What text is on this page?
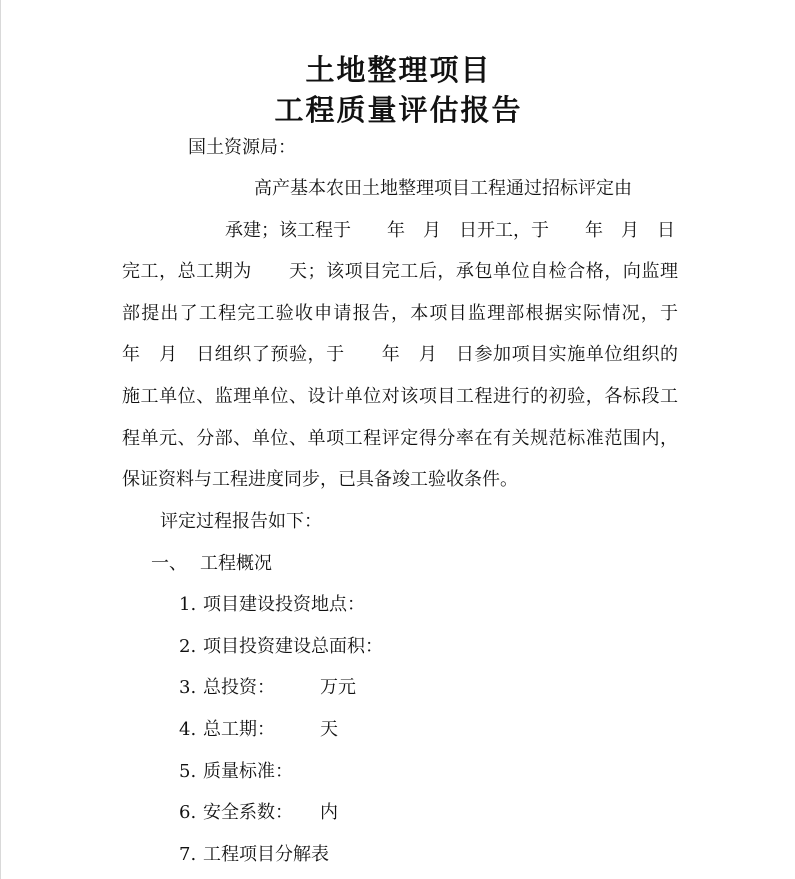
土地整理项目
工程质量评估报告
国土资源局：
高产基本农田土地整理项目工程通过招标评定由
承建；该工程于　　年　月　日开工，于　　年　月　日
完工，总工期为　　天；该项目完工后，承包单位自检合格，向监理
部提出了工程完工验收申请报告，本项目监理部根据实际情况，于
年　月　日组织了预验，于　　年　月　日参加项目实施单位组织的
施工单位、监理单位、设计单位对该项目工程进行的初验，各标段工
程单元、分部、单位、单项工程评定得分率在有关规范标准范围内，
保证资料与工程进度同步，已具备竣工验收条件。
评定过程报告如下：
一、 工程概况
1. 项目建设投资地点：
2. 项目投资建设总面积：
3. 总投资：　　　万元
4. 总工期：　　　天
5. 质量标准：
6. 安全系数：　　内
7. 工程项目分解表
